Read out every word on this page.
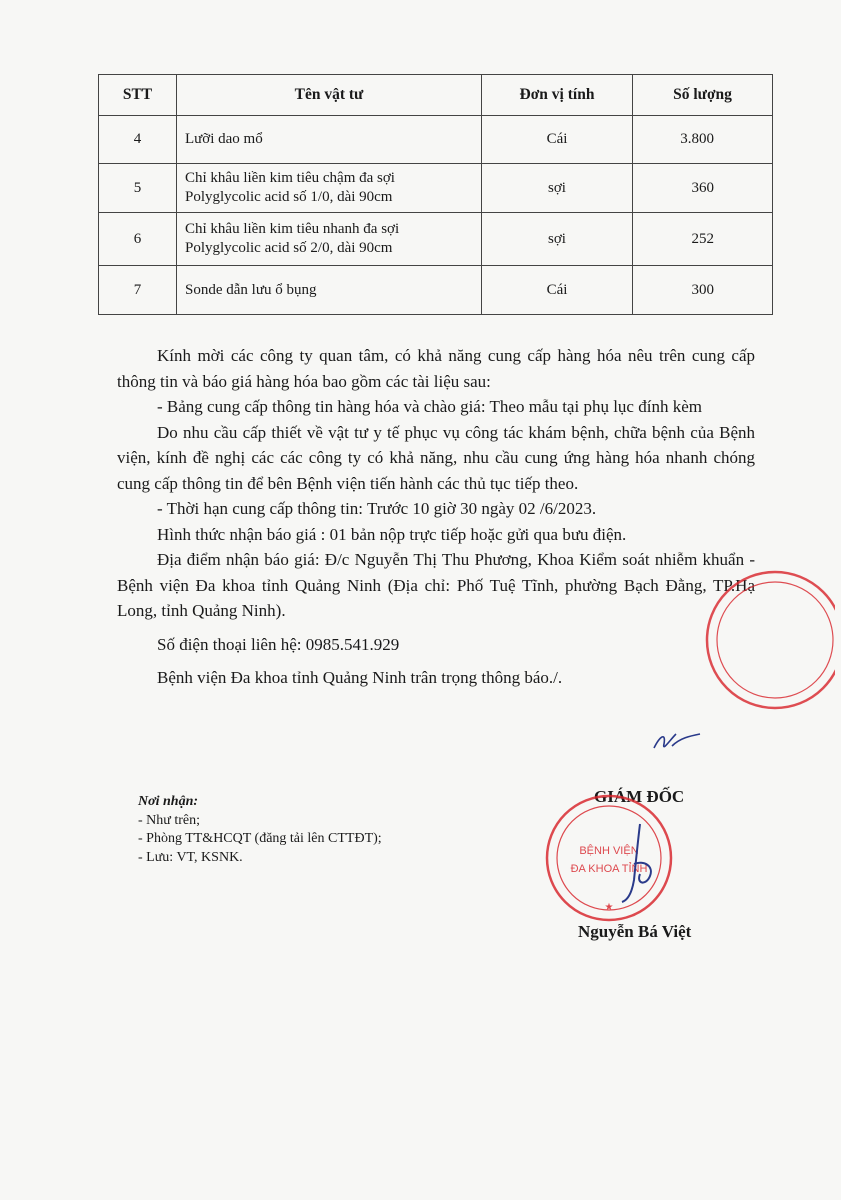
STT	Tên vật tư	Đơn vị tính	Số lượng
4	Lưỡi dao mổ	Cái	3.800
5	Chỉ khâu liền kim tiêu chậm đa sợi
Polyglycolic acid số 1/0, dài 90cm	sợi	360
6	Chỉ khâu liền kim tiêu nhanh đa sợi
Polyglycolic acid số 2/0, dài 90cm	sợi	252
7	Sonde dẫn lưu ổ bụng	Cái	300

Kính mời các công ty quan tâm, có khả năng cung cấp hàng hóa nêu trên cung cấp thông tin và báo giá hàng hóa bao gồm các tài liệu sau:

- Bảng cung cấp thông tin hàng hóa và chào giá: Theo mẫu tại phụ lục đính kèm

Do nhu cầu cấp thiết về vật tư y tế phục vụ công tác khám bệnh, chữa bệnh của Bệnh viện, kính đề nghị các các công ty có khả năng, nhu cầu cung ứng hàng hóa nhanh chóng cung cấp thông tin để bên Bệnh viện tiến hành các thủ tục tiếp theo.

- Thời hạn cung cấp thông tin: Trước 10 giờ 30 ngày 02 /6/2023.

Hình thức nhận báo giá : 01 bản nộp trực tiếp hoặc gửi qua bưu điện.

Địa điểm nhận báo giá: Đ/c Nguyễn Thị Thu Phương, Khoa Kiểm soát nhiễm khuẩn - Bệnh viện Đa khoa tỉnh Quảng Ninh (Địa chỉ: Phố Tuệ Tĩnh, phường Bạch Đằng, TP.Hạ Long, tỉnh Quảng Ninh).

Số điện thoại liên hệ: 0985.541.929

Bệnh viện Đa khoa tỉnh Quảng Ninh trân trọng thông báo./.

Nơi nhận:
- Như trên;
- Phòng TT&HCQT (đăng tải lên CTTĐT);
- Lưu: VT, KSNK.
GIÁM ĐỐC
BỆNH VIỆN
ĐA KHOA TỈNH
★
Nguyễn Bá Việt
